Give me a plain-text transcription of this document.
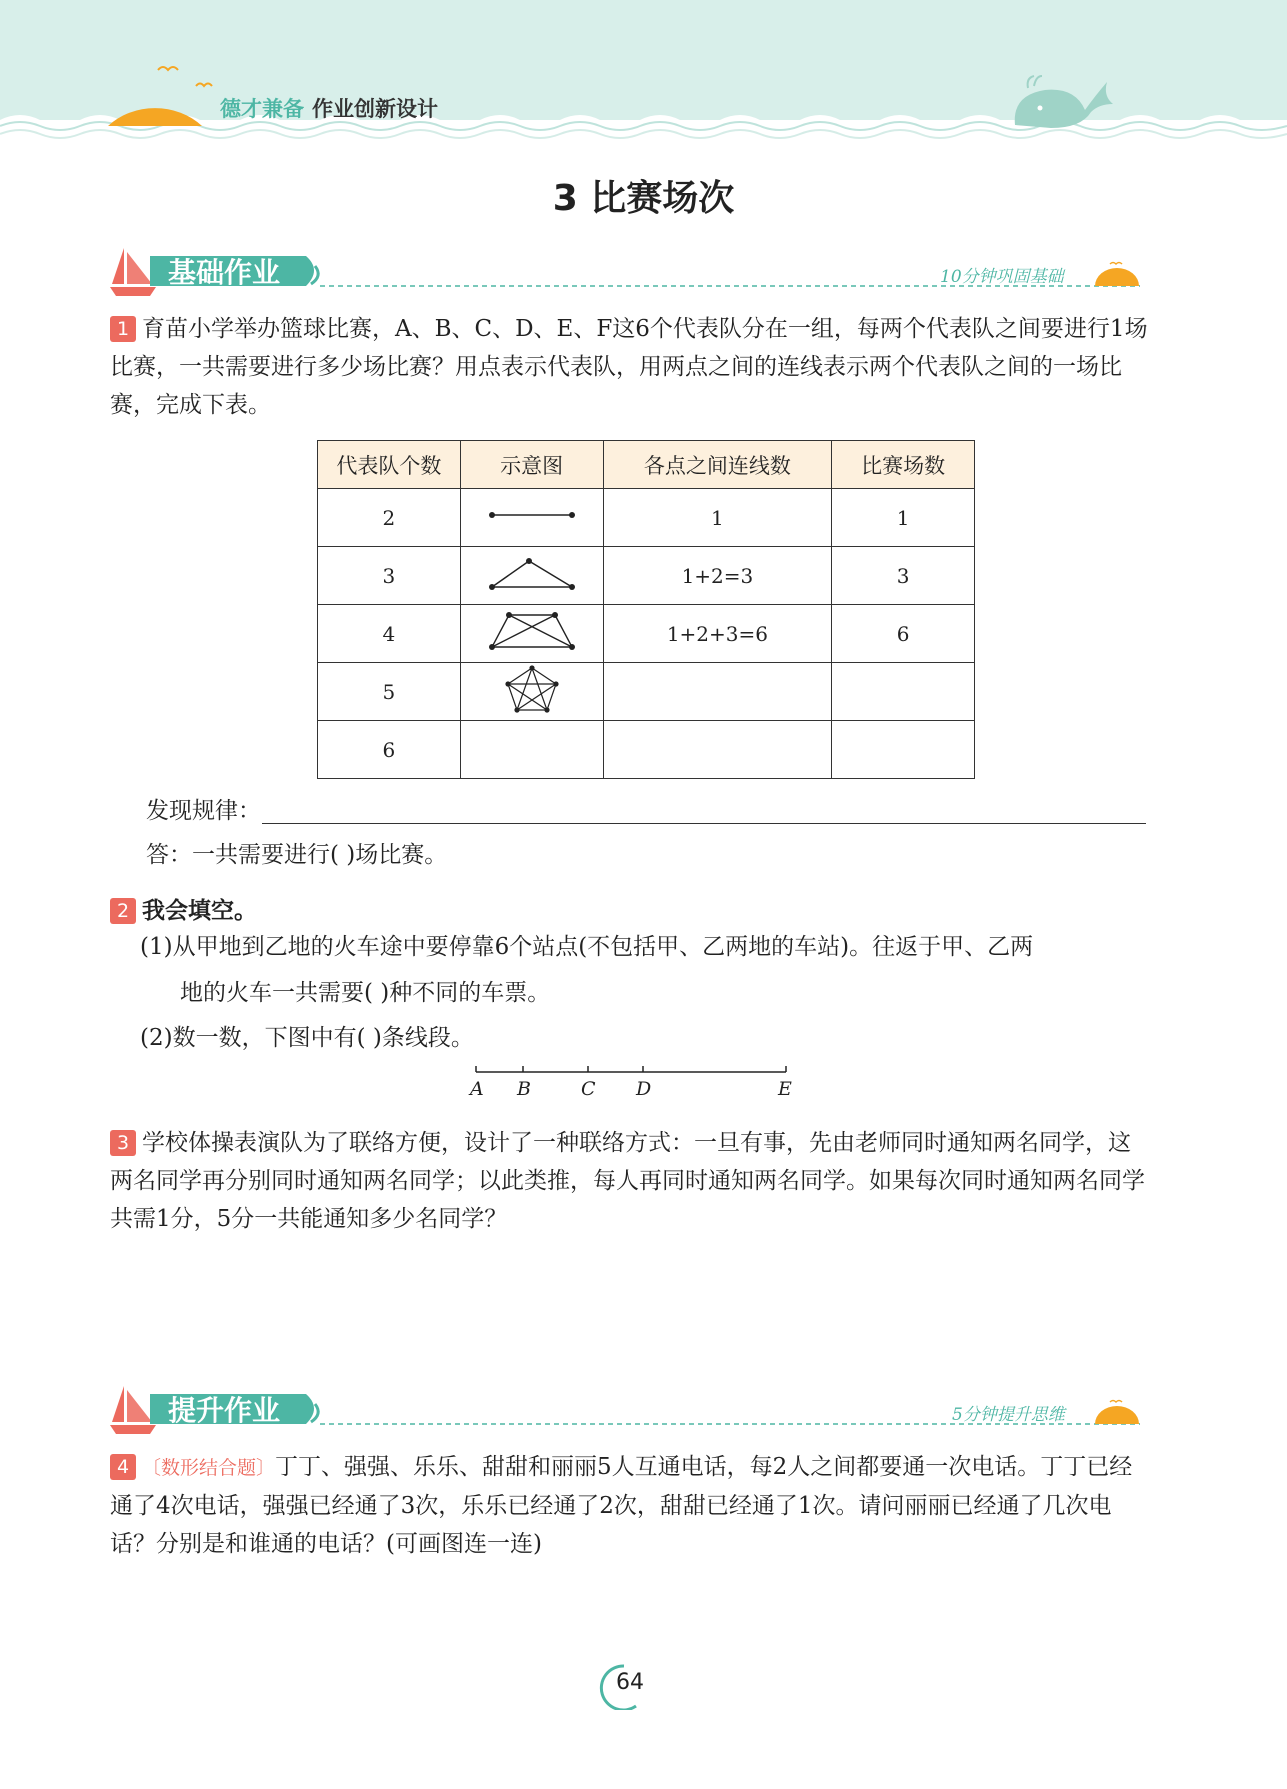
德才兼备 作业创新设计
3 比赛场次
基础作业	10分钟巩固基础
1 育苗小学举办篮球比赛，A、B、C、D、E、F这6个代表队分在一组，每两个代表队之间要进行1场比赛，一共需要进行多少场比赛？用点表示代表队，用两点之间的连线表示两个代表队之间的一场比赛，完成下表。
代表队个数	示意图	各点之间连线数	比赛场数
2		1	1
3		1+2=3	3
4		1+2+3=6	6
5			
6			
发现规律：
答：一共需要进行( )场比赛。
2 我会填空。
(1)从甲地到乙地的火车途中要停靠6个站点(不包括甲、乙两地的车站)。往返于甲、乙两
地的火车一共需要( )种不同的车票。
(2)数一数，下图中有( )条线段。
A B	C D	E
3 学校体操表演队为了联络方便，设计了一种联络方式：一旦有事，先由老师同时通知两名同学，这两名同学再分别同时通知两名同学；以此类推，每人再同时通知两名同学。如果每次同时通知两名同学共需1分，5分一共能通知多少名同学？
提升作业	5分钟提升思维
4 〔数形结合题〕丁丁、强强、乐乐、甜甜和丽丽5人互通电话，每2人之间都要通一次电话。丁丁已经通了4次电话，强强已经通了3次，乐乐已经通了2次，甜甜已经通了1次。请问丽丽已经通了几次电话？分别是和谁通的电话？(可画图连一连)
64
